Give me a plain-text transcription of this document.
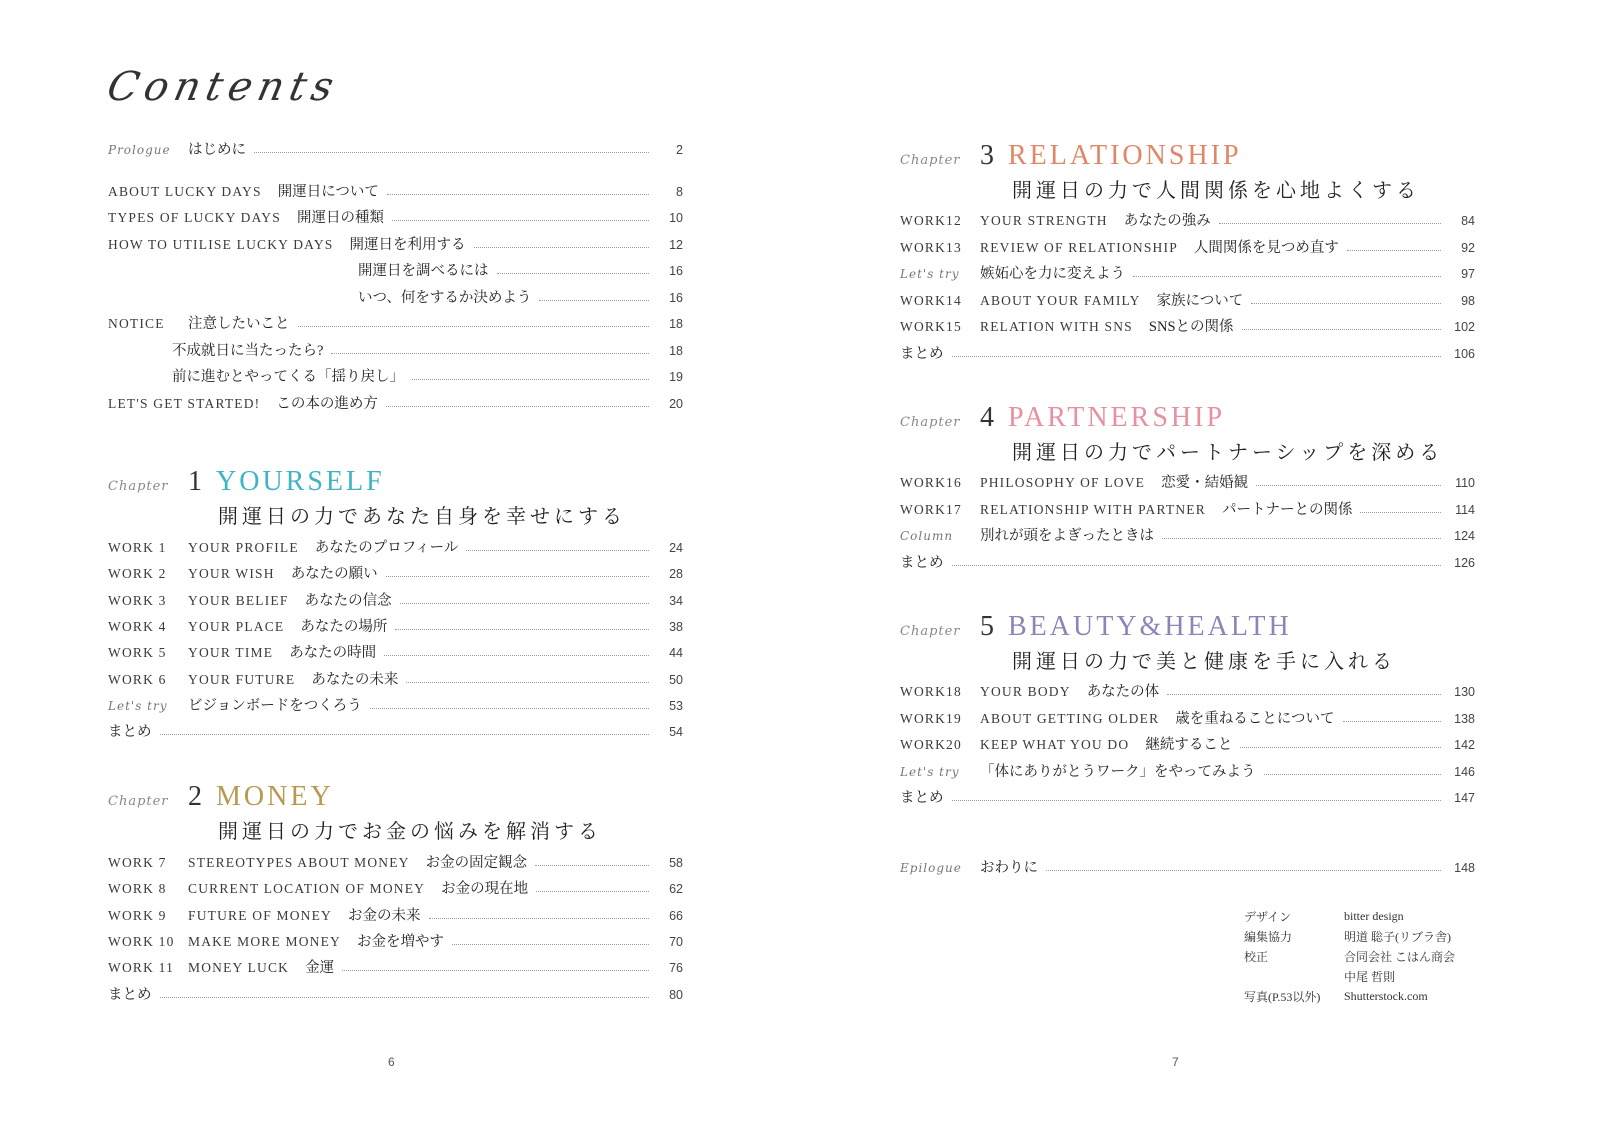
Contents
Prologue	はじめに	2
ABOUT LUCKY DAYS 開運日について	8
TYPES OF LUCKY DAYS 開運日の種類	10
HOW TO UTILISE LUCKY DAYS 開運日を利用する	12
開運日を調べるには	16
いつ、何をするか決めよう	16
NOTICE	注意したいこと	18
不成就日に当たったら?	18
前に進むとやってくる「揺り戻し」	19
LET'S GET STARTED! この本の進め方	20
Chapter 1 YOURSELF
開運日の力であなた自身を幸せにする
WORK 1	YOUR PROFILE あなたのプロフィール	24
WORK 2	YOUR WISH あなたの願い	28
WORK 3	YOUR BELIEF あなたの信念	34
WORK 4	YOUR PLACE あなたの場所	38
WORK 5	YOUR TIME あなたの時間	44
WORK 6	YOUR FUTURE あなたの未来	50
Let's try	ビジョンボードをつくろう	53
まとめ	54
Chapter 2 MONEY
開運日の力でお金の悩みを解消する
WORK 7	STEREOTYPES ABOUT MONEY お金の固定観念	58
WORK 8	CURRENT LOCATION OF MONEY お金の現在地	62
WORK 9	FUTURE OF MONEY お金の未来	66
WORK 10 MAKE MORE MONEY お金を増やす	70
WORK 11	MONEY LUCK 金運	76
まとめ	80
6
Chapter 3 RELATIONSHIP
開運日の力で人間関係を心地よくする
WORK12	YOUR STRENGTH あなたの強み	84
WORK13	REVIEW OF RELATIONSHIP 人間関係を見つめ直す	92
Let's try	嫉妬心を力に変えよう	97
WORK14	ABOUT YOUR FAMILY 家族について	98
WORK15	RELATION WITH SNS SNSとの関係	102
まとめ	106
Chapter 4 PARTNERSHIP
開運日の力でパートナーシップを深める
WORK16	PHILOSOPHY OF LOVE 恋愛・結婚観	110
WORK17	RELATIONSHIP WITH PARTNER パートナーとの関係	114
Column	別れが頭をよぎったときは	124
まとめ	126
Chapter 5 BEAUTY&HEALTH
開運日の力で美と健康を手に入れる
WORK18	YOUR BODY あなたの体	130
WORK19	ABOUT GETTING OLDER 歳を重ねることについて	138
WORK20	KEEP WHAT YOU DO 継続すること	142
Let's try	「体にありがとうワーク」をやってみよう	146
まとめ	147
Epilogue	おわりに	148
デザイン	bitter design
編集協力	明道 聡子(リブラ舎)
校正	合同会社 こはん商会
中尾 哲則
写真(P.53以外)	Shutterstock.com
7
